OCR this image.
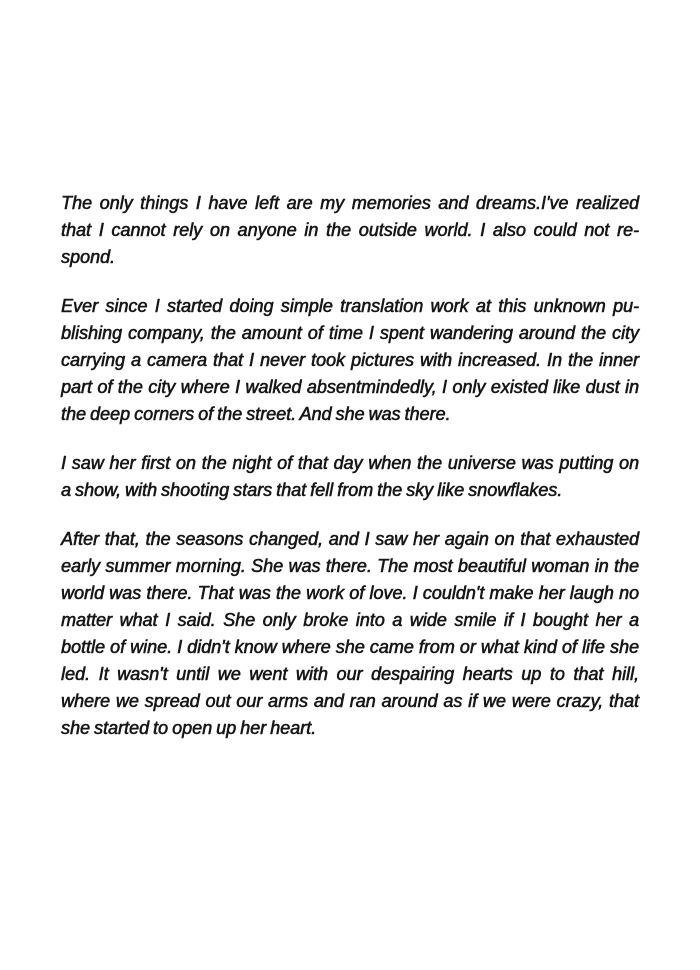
The only things I have left are my memories and dreams.I've realized
that I cannot rely on anyone in the outside world. I also could not re-
spond.
Ever since I started doing simple translation work at this unknown pu-
blishing company, the amount of time I spent wandering around the city
carrying a camera that I never took pictures with increased. In the inner
part of the city where I walked absentmindedly, I only existed like dust in
the deep corners of the street. And she was there.
I saw her first on the night of that day when the universe was putting on
a show, with shooting stars that fell from the sky like snowflakes.
After that, the seasons changed, and I saw her again on that exhausted
early summer morning. She was there. The most beautiful woman in the
world was there. That was the work of love. I couldn't make her laugh no
matter what I said. She only broke into a wide smile if I bought her a
bottle of wine. I didn't know where she came from or what kind of life she
led. It wasn't until we went with our despairing hearts up to that hill,
where we spread out our arms and ran around as if we were crazy, that
she started to open up her heart.
